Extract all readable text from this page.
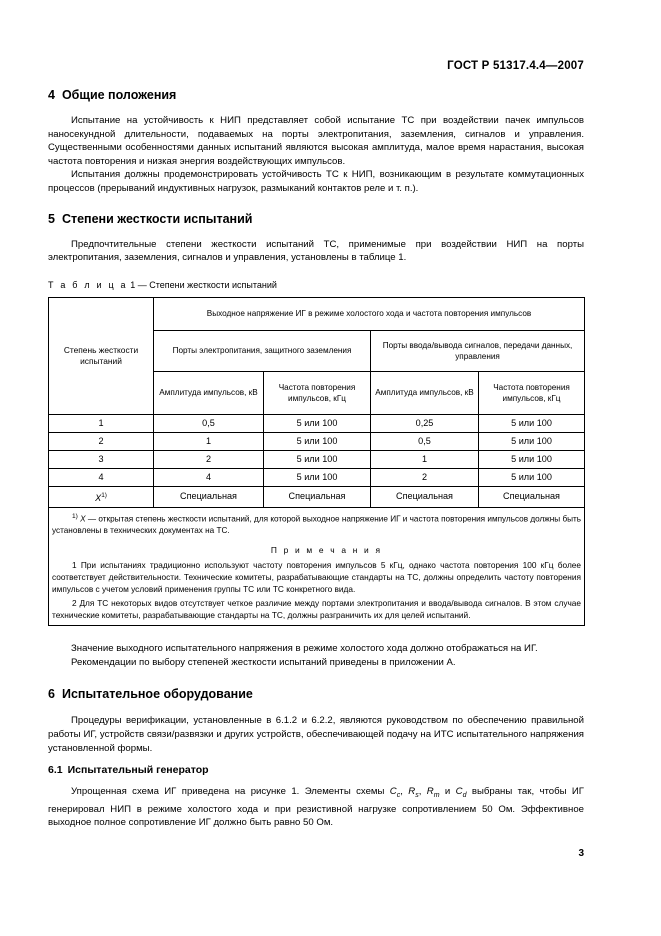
ГОСТ Р 51317.4.4—2007
4 Общие положения

Испытание на устойчивость к НИП представляет собой испытание ТС при воздействии пачек импульсов наносекундной длительности, подаваемых на порты электропитания, заземления, сигналов и управления. Существенными особенностями данных испытаний являются высокая амплитуда, малое время нарастания, высокая частота повторения и низкая энергия воздействующих импульсов.

Испытания должны продемонстрировать устойчивость ТС к НИП, возникающим в результате коммутационных процессов (прерываний индуктивных нагрузок, размыканий контактов реле и т. п.).

5 Степени жесткости испытаний

Предпочтительные степени жесткости испытаний ТС, применимые при воздействии НИП на порты электропитания, заземления, сигналов и управления, установлены в таблице 1.

Т а б л и ц а 1 — Степени жесткости испытаний

Степень жесткости испытаний	Выходное напряжение ИГ в режиме холостого хода и частота повторения импульсов			
	Порты электропитания, защитного заземления		Порты ввода/вывода сигналов, передачи данных, управления	
	Амплитуда импульсов, кВ	Частота повторения импульсов, кГц	Амплитуда импульсов, кВ	Частота повторения импульсов, кГц
1	0,5	5 или 100	0,25	5 или 100
2	1	5 или 100	0,5	5 или 100
3	2	5 или 100	1	5 или 100
4	4	5 или 100	2	5 или 100
$X^{1)}$	Специальная	Специальная	Специальная	Специальная

$^{1)}$ X — открытая степень жесткости испытаний, для которой выходное напряжение ИГ и частота повторения импульсов должны быть установлены в технических документах на ТС.

П р и м е ч а н и я

1 При испытаниях традиционно используют частоту повторения импульсов 5 кГц, однако частота повторения 100 кГц более соответствует действительности. Технические комитеты, разрабатывающие стандарты на ТС, должны определить частоту повторения импульсов с учетом условий применения группы ТС или ТС конкретного вида.

2 Для ТС некоторых видов отсутствует четкое различие между портами электропитания и ввода/вывода сигналов. В этом случае технические комитеты, разрабатывающие стандарты на ТС, должны разграничить их для целей испытаний.				

Значение выходного испытательного напряжения в режиме холостого хода должно отображаться на ИГ.

Рекомендации по выбору степеней жесткости испытаний приведены в приложении А.

6 Испытательное оборудование

Процедуры верификации, установленные в 6.1.2 и 6.2.2, являются руководством по обеспечению правильной работы ИГ, устройств связи/развязки и других устройств, обеспечивающей подачу на ИТС испытательного напряжения установленной формы.

6.1 Испытательный генератор

Упрощенная схема ИГ приведена на рисунке 1. Элементы схемы $C_c$, $R_s$, $R_m$ и $C_d$ выбраны так, чтобы ИГ генерировал НИП в режиме холостого хода и при резистивной нагрузке сопротивлением 50 Ом. Эффективное выходное полное сопротивление ИГ должно быть равно 50 Ом.

3
